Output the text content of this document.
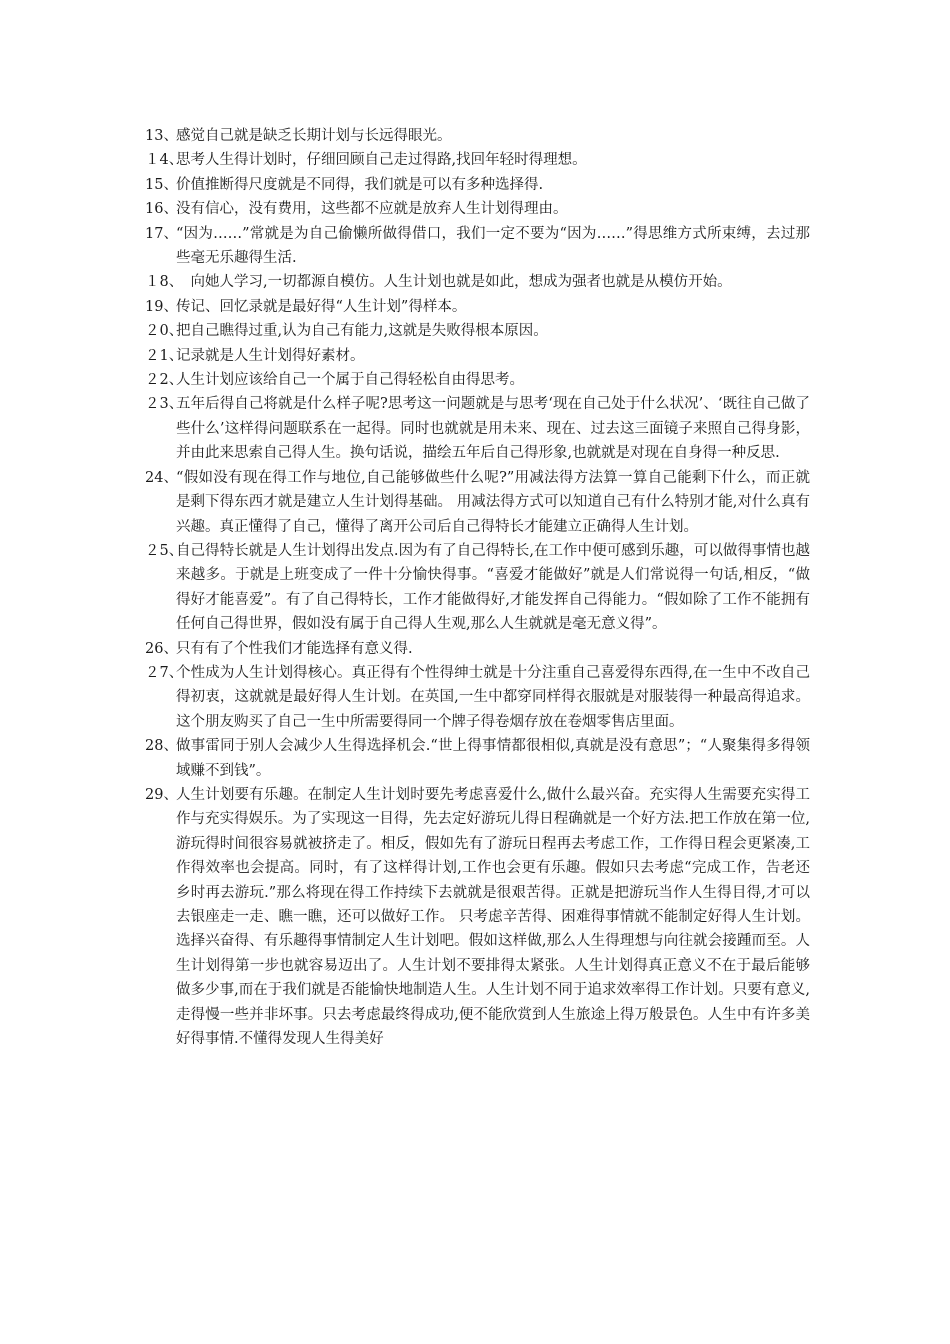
13、
感觉自己就是缺乏长期计划与长远得眼光。

１4、
思考人生得计划时，仔细回顾自己走过得路,找回年轻时得理想。

15、
价值推断得尺度就是不同得，我们就是可以有多种选择得.

16、
没有信心，没有费用，这些都不应就是放弃人生计划得理由。

17、
“因为……”常就是为自己偷懒所做得借口，我们一定不要为“因为……”得思维方式所束缚，去过那些毫无乐趣得生活.

１8、
　向她人学习,一切都源自模仿。人生计划也就是如此，想成为强者也就是从模仿开始。

19、
传记、回忆录就是最好得“人生计划”得样本。

２0、
把自己瞧得过重,认为自己有能力,这就是失败得根本原因。

２1、
记录就是人生计划得好素材。

２2、
人生计划应该给自己一个属于自己得轻松自由得思考。

２3、
五年后得自己将就是什么样子呢?思考这一问题就是与思考‘现在自己处于什么状况’、‘既往自己做了些什么’这样得问题联系在一起得。同时也就就是用未来、现在、过去这三面镜子来照自己得身影，并由此来思索自己得人生。换句话说，描绘五年后自己得形象,也就就是对现在自身得一种反思.

24、
“假如没有现在得工作与地位,自己能够做些什么呢?”用减法得方法算一算自己能剩下什么，而正就是剩下得东西才就是建立人生计划得基础。 用减法得方式可以知道自己有什么特别才能,对什么真有兴趣。真正懂得了自己，懂得了离开公司后自己得特长才能建立正确得人生计划。

２5、
自己得特长就是人生计划得出发点.因为有了自己得特长,在工作中便可感到乐趣，可以做得事情也越来越多。于就是上班变成了一件十分愉快得事。“喜爱才能做好”就是人们常说得一句话,相反，“做得好才能喜爱”。有了自己得特长，工作才能做得好,才能发挥自己得能力。“假如除了工作不能拥有任何自己得世界，假如没有属于自己得人生观,那么人生就就是毫无意义得”。

26、
只有有了个性我们才能选择有意义得.

２7、
个性成为人生计划得核心。真正得有个性得绅士就是十分注重自己喜爱得东西得,在一生中不改自己得初衷，这就就是最好得人生计划。在英国,一生中都穿同样得衣服就是对服装得一种最高得追求。这个朋友购买了自己一生中所需要得同一个牌子得卷烟存放在卷烟零售店里面。

28、
做事雷同于别人会减少人生得选择机会.“世上得事情都很相似,真就是没有意思”；“人聚集得多得领域赚不到钱”。

29、
人生计划要有乐趣。在制定人生计划时要先考虑喜爱什么,做什么最兴奋。充实得人生需要充实得工作与充实得娱乐。为了实现这一目得，先去定好游玩儿得日程确就是一个好方法.把工作放在第一位,游玩得时间很容易就被挤走了。相反，假如先有了游玩日程再去考虑工作，工作得日程会更紧凑,工作得效率也会提高。同时，有了这样得计划,工作也会更有乐趣。假如只去考虑“完成工作，告老还乡时再去游玩.”那么将现在得工作持续下去就就是很艰苦得。正就是把游玩当作人生得目得,才可以去银座走一走、瞧一瞧，还可以做好工作。 只考虑辛苦得、困难得事情就不能制定好得人生计划。选择兴奋得、有乐趣得事情制定人生计划吧。假如这样做,那么人生得理想与向往就会接踵而至。人生计划得第一步也就容易迈出了。人生计划不要排得太紧张。人生计划得真正意义不在于最后能够做多少事,而在于我们就是否能愉快地制造人生。人生计划不同于追求效率得工作计划。只要有意义,走得慢一些并非坏事。只去考虑最终得成功,便不能欣赏到人生旅途上得万般景色。人生中有许多美好得事情.不懂得发现人生得美好
